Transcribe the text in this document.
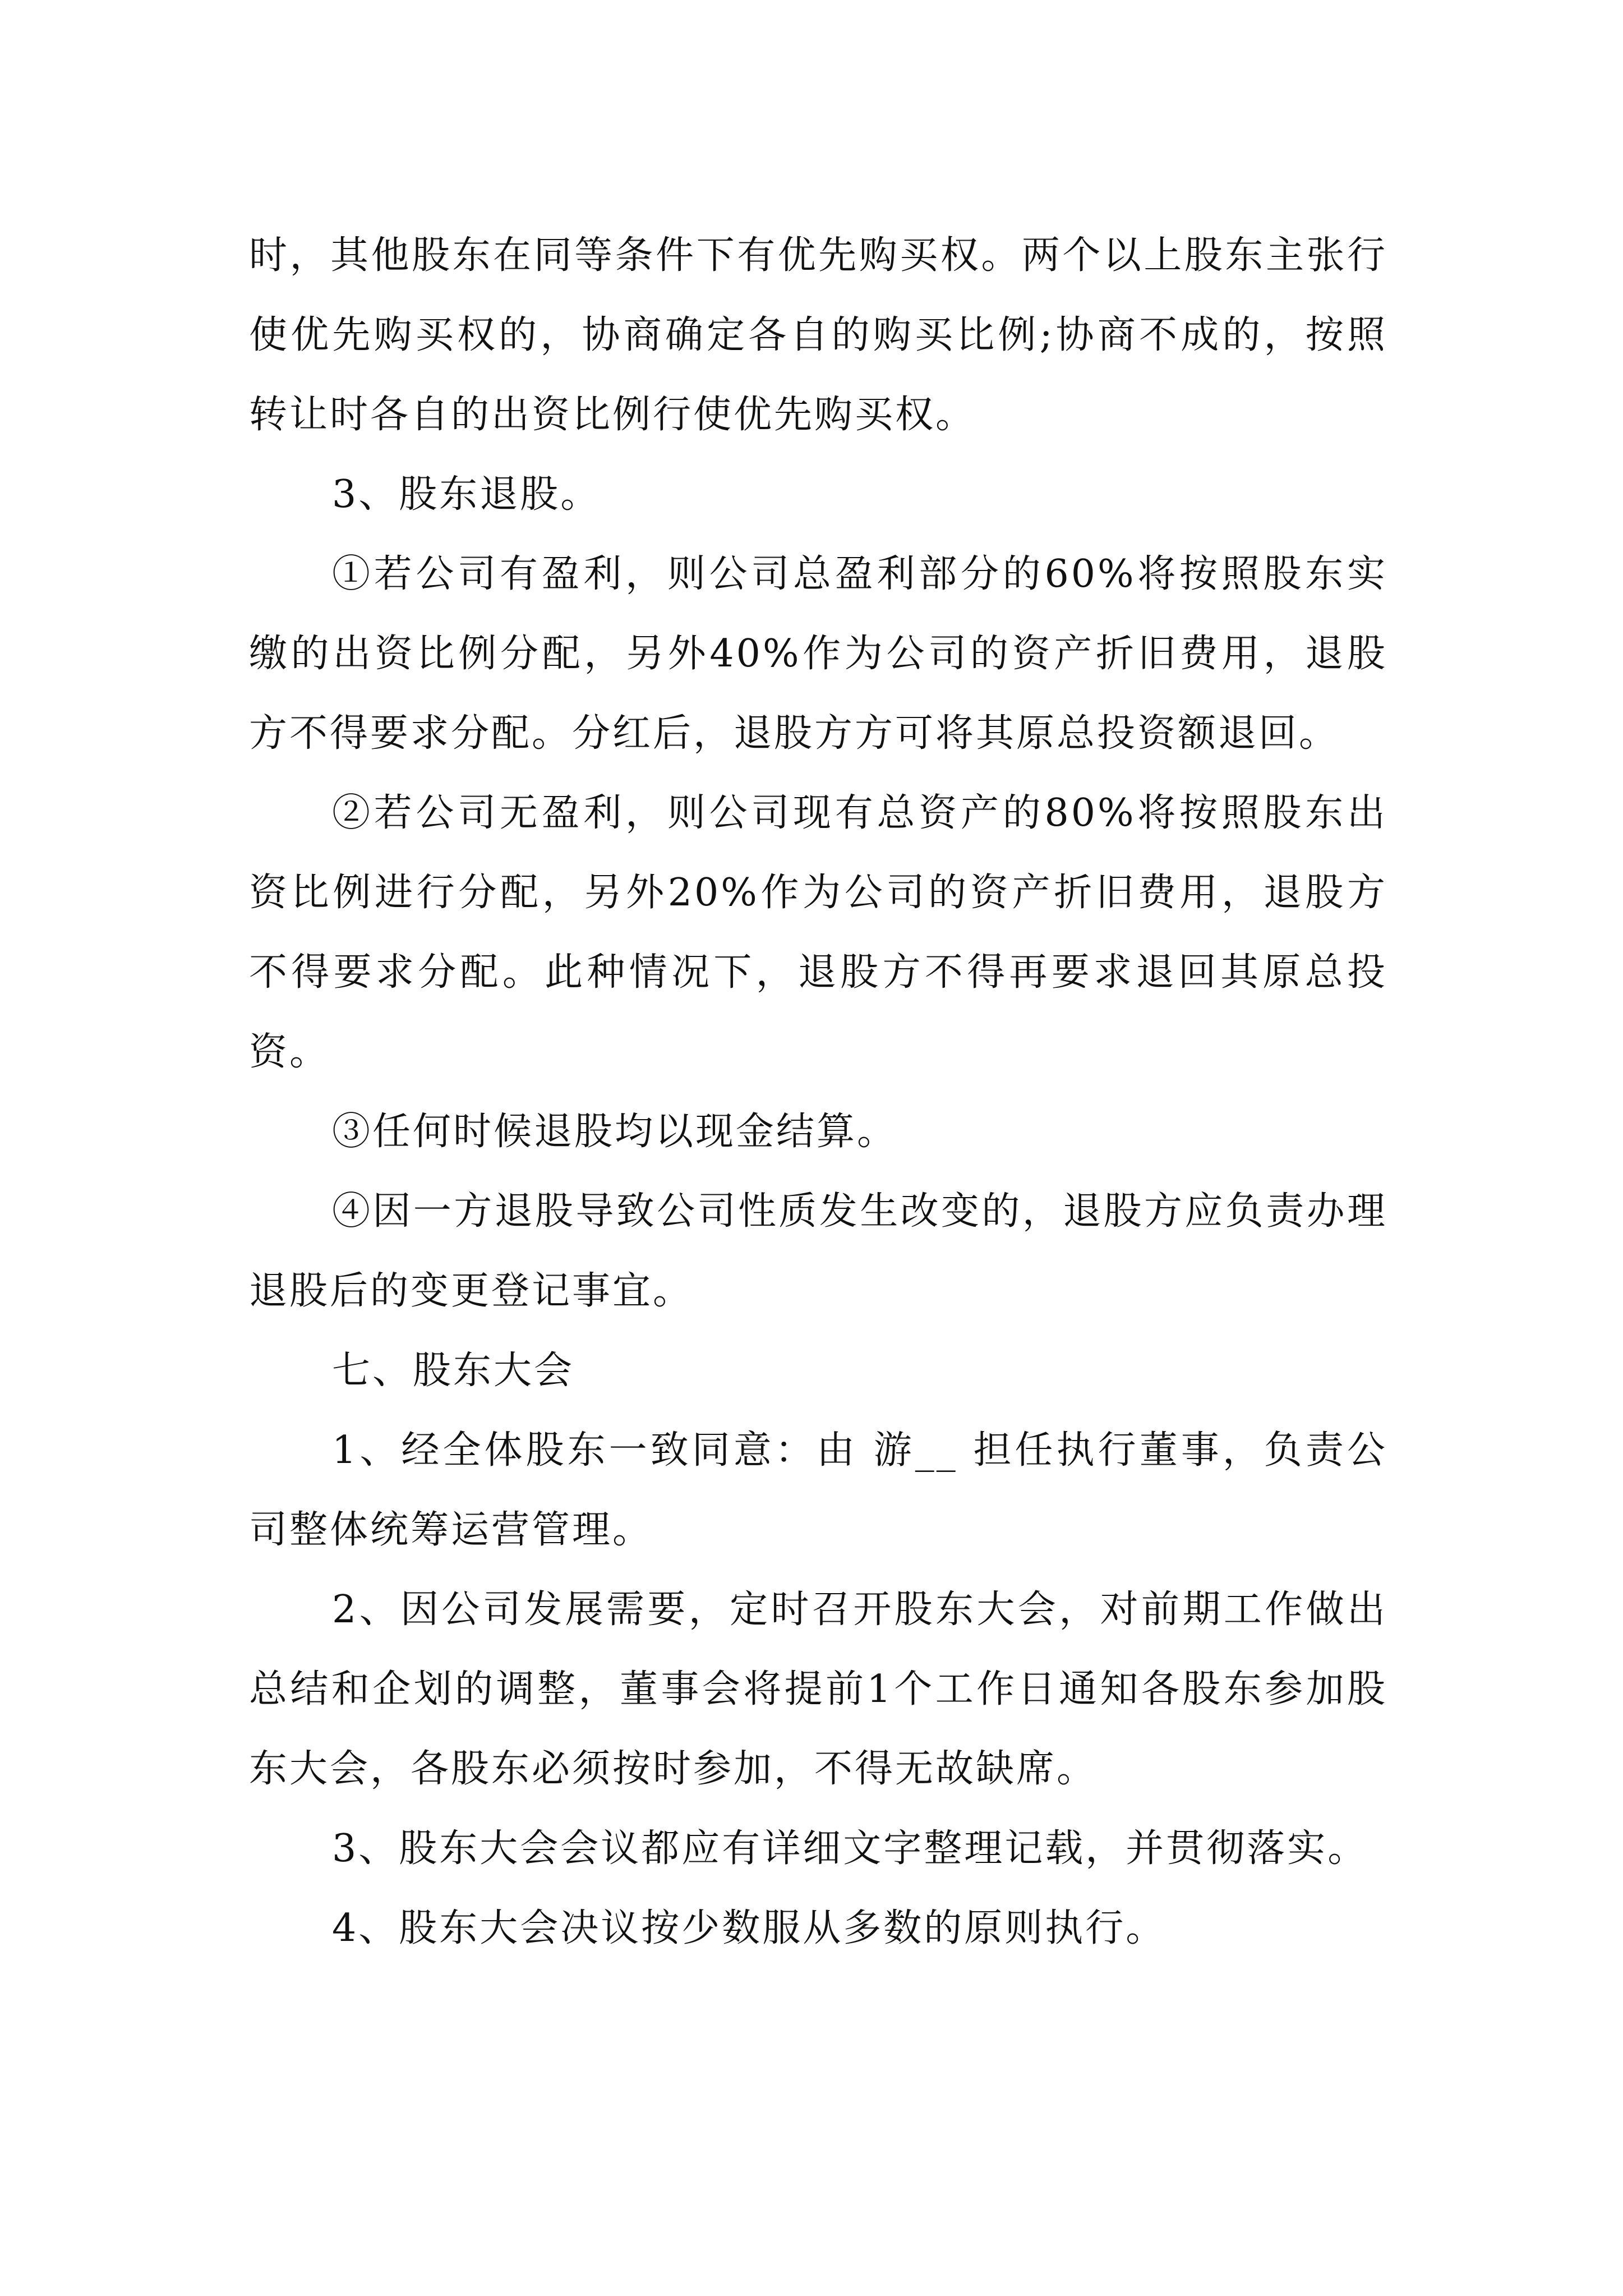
时，其他股东在同等条件下有优先购买权。两个以上股东主张行使优先购买权的，协商确定各自的购买比例;协商不成的，按照转让时各自的出资比例行使优先购买权。

3、股东退股。

①若公司有盈利，则公司总盈利部分的60%将按照股东实缴的出资比例分配，另外40%作为公司的资产折旧费用，退股方不得要求分配。分红后，退股方方可将其原总投资额退回。

②若公司无盈利，则公司现有总资产的80%将按照股东出资比例进行分配，另外20%作为公司的资产折旧费用，退股方不得要求分配。此种情况下，退股方不得再要求退回其原总投资。

③任何时候退股均以现金结算。

④因一方退股导致公司性质发生改变的，退股方应负责办理退股后的变更登记事宜。

七、股东大会

1、经全体股东一致同意：由 游__ 担任执行董事，负责公司整体统筹运营管理。

2、因公司发展需要，定时召开股东大会，对前期工作做出总结和企划的调整，董事会将提前1个工作日通知各股东参加股东大会，各股东必须按时参加，不得无故缺席。

3、股东大会会议都应有详细文字整理记载，并贯彻落实。

4、股东大会决议按少数服从多数的原则执行。
